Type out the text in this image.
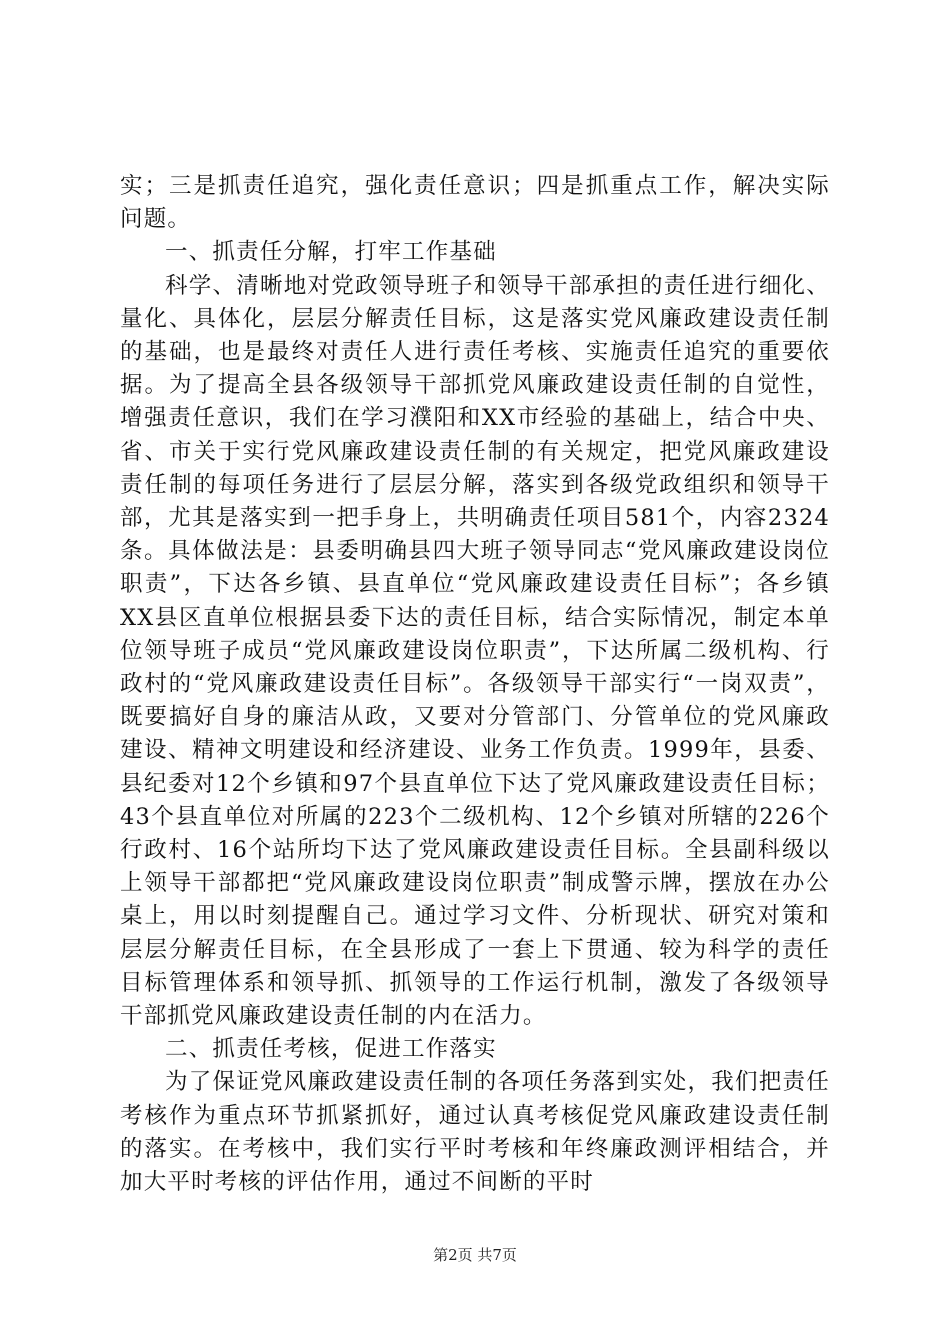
实；三是抓责任追究，强化责任意识；四是抓重点工作，解决实际问题。

一、抓责任分解，打牢工作基础

科学、清晰地对党政领导班子和领导干部承担的责任进行细化、量化、具体化，层层分解责任目标，这是落实党风廉政建设责任制的基础，也是最终对责任人进行责任考核、实施责任追究的重要依据。为了提高全县各级领导干部抓党风廉政建设责任制的自觉性，增强责任意识，我们在学习濮阳和XX市经验的基础上，结合中央、省、市关于实行党风廉政建设责任制的有关规定，把党风廉政建设责任制的每项任务进行了层层分解，落实到各级党政组织和领导干部，尤其是落实到一把手身上，共明确责任项目581个，内容2324条。具体做法是：县委明确县四大班子领导同志“党风廉政建设岗位职责”，下达各乡镇、县直单位“党风廉政建设责任目标”；各乡镇XX县区直单位根据县委下达的责任目标，结合实际情况，制定本单位领导班子成员“党风廉政建设岗位职责”，下达所属二级机构、行政村的“党风廉政建设责任目标”。各级领导干部实行“一岗双责”，既要搞好自身的廉洁从政，又要对分管部门、分管单位的党风廉政建设、精神文明建设和经济建设、业务工作负责。1999年，县委、县纪委对12个乡镇和97个县直单位下达了党风廉政建设责任目标；43个县直单位对所属的223个二级机构、12个乡镇对所辖的226个行政村、16个站所均下达了党风廉政建设责任目标。全县副科级以上领导干部都把“党风廉政建设岗位职责”制成警示牌，摆放在办公桌上，用以时刻提醒自己。通过学习文件、分析现状、研究对策和层层分解责任目标，在全县形成了一套上下贯通、较为科学的责任目标管理体系和领导抓、抓领导的工作运行机制，激发了各级领导干部抓党风廉政建设责任制的内在活力。

二、抓责任考核，促进工作落实

为了保证党风廉政建设责任制的各项任务落到实处，我们把责任考核作为重点环节抓紧抓好，通过认真考核促党风廉政建设责任制的落实。在考核中，我们实行平时考核和年终廉政测评相结合，并加大平时考核的评估作用，通过不间断的平时

第2页 共7页
